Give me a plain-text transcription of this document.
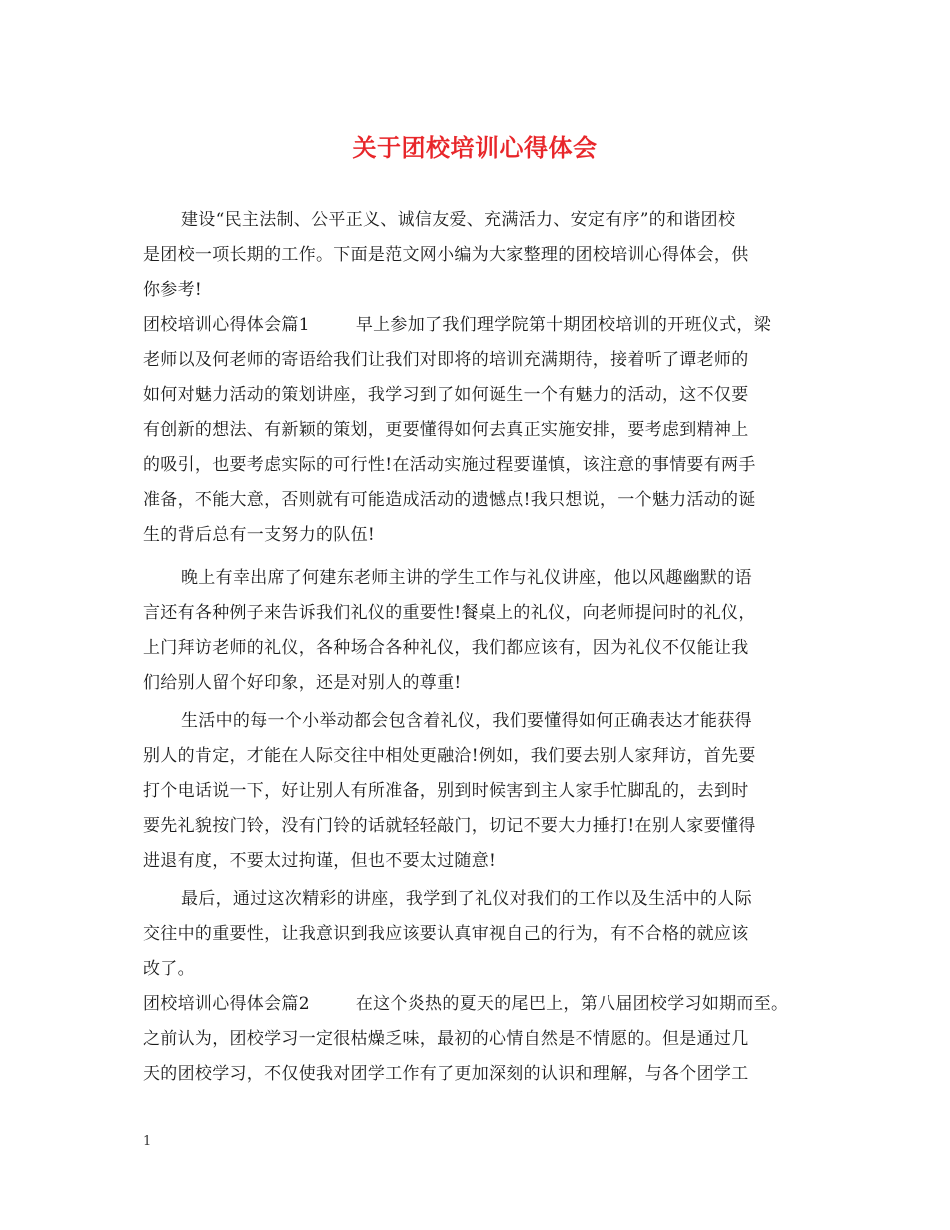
关于团校培训心得体会
建设“民主法制、公平正义、诚信友爱、充满活力、安定有序”的和谐团校
是团校一项长期的工作。下面是范文网小编为大家整理的团校培训心得体会，供
你参考!
团校培训心得体会篇1	早上参加了我们理学院第十期团校培训的开班仪式，梁
老师以及何老师的寄语给我们让我们对即将的培训充满期待，接着听了谭老师的
如何对魅力活动的策划讲座，我学习到了如何诞生一个有魅力的活动，这不仅要
有创新的想法、有新颖的策划，更要懂得如何去真正实施安排，要考虑到精神上
的吸引，也要考虑实际的可行性!在活动实施过程要谨慎，该注意的事情要有两手
准备，不能大意，否则就有可能造成活动的遗憾点!我只想说，一个魅力活动的诞
生的背后总有一支努力的队伍!
晚上有幸出席了何建东老师主讲的学生工作与礼仪讲座，他以风趣幽默的语
言还有各种例子来告诉我们礼仪的重要性!餐桌上的礼仪，向老师提问时的礼仪，
上门拜访老师的礼仪，各种场合各种礼仪，我们都应该有，因为礼仪不仅能让我
们给别人留个好印象，还是对别人的尊重!
生活中的每一个小举动都会包含着礼仪，我们要懂得如何正确表达才能获得
别人的肯定，才能在人际交往中相处更融洽!例如，我们要去别人家拜访，首先要
打个电话说一下，好让别人有所准备，别到时候害到主人家手忙脚乱的，去到时
要先礼貌按门铃，没有门铃的话就轻轻敲门，切记不要大力捶打!在别人家要懂得
进退有度，不要太过拘谨，但也不要太过随意!
最后，通过这次精彩的讲座，我学到了礼仪对我们的工作以及生活中的人际
交往中的重要性，让我意识到我应该要认真审视自己的行为，有不合格的就应该
改了。
团校培训心得体会篇2	在这个炎热的夏天的尾巴上，第八届团校学习如期而至。
之前认为，团校学习一定很枯燥乏味，最初的心情自然是不情愿的。但是通过几
天的团校学习，不仅使我对团学工作有了更加深刻的认识和理解，与各个团学工
1
